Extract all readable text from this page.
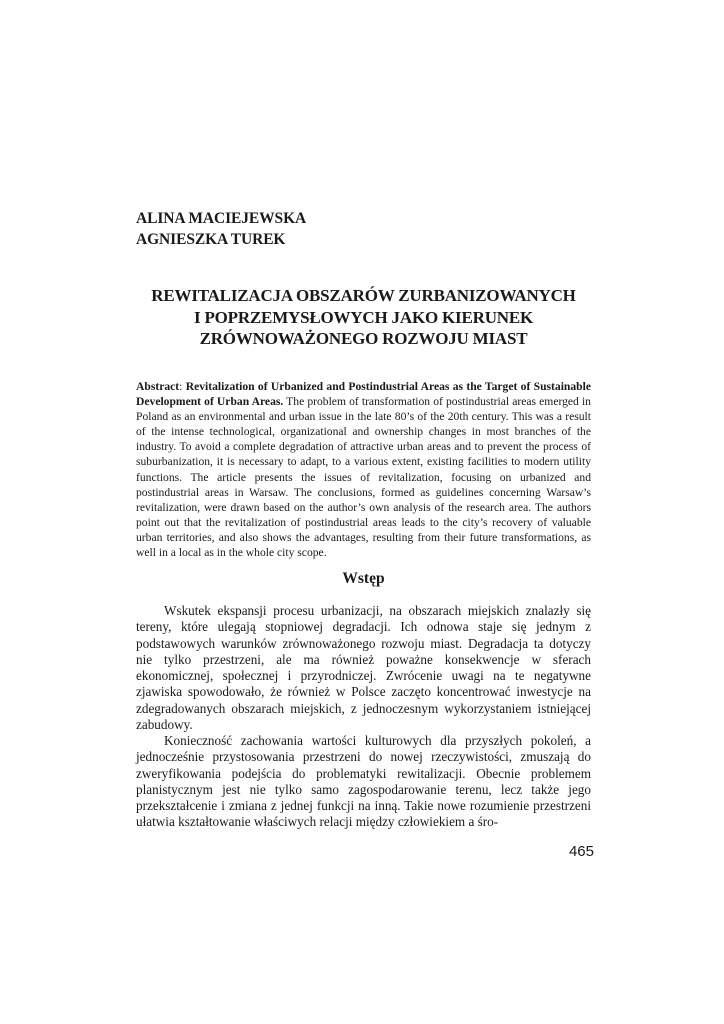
ALINA MACIEJEWSKA
AGNIESZKA TUREK
REWITALIZACJA OBSZARÓW ZURBANIZOWANYCH
I POPRZEMYSŁOWYCH JAKO KIERUNEK
ZRÓWNOWAŻONEGO ROZWOJU MIAST
Abstract: Revitalization of Urbanized and Postindustrial Areas as the Target of Sustainable Development of Urban Areas. The problem of transformation of postindustrial areas emerged in Poland as an environmental and urban issue in the late 80’s of the 20th century. This was a result of the intense technological, organizational and ownership changes in most branches of the industry. To avoid a complete degradation of attractive urban areas and to prevent the process of suburbanization, it is necessary to adapt, to a various extent, existing facilities to modern utility functions. The article presents the issues of revitalization, focusing on urbanized and postindustrial areas in Warsaw. The conclusions, formed as guidelines concerning Warsaw’s revitalization, were drawn based on the author’s own analysis of the research area. The authors point out that the revitalization of postindustrial areas leads to the city’s recovery of valuable urban territories, and also shows the advantages, resulting from their future transformations, as well in a local as in the whole city scope.
Wstęp

Wskutek ekspansji procesu urbanizacji, na obszarach miejskich znalazły się tereny, które ulegają stopniowej degradacji. Ich odnowa staje się jednym z podstawowych warunków zrównoważonego rozwoju miast. Degradacja ta dotyczy nie tylko przestrzeni, ale ma również poważne konsekwencje w sferach ekonomicznej, społecznej i przyrodniczej. Zwrócenie uwagi na te negatywne zjawiska spowodowało, że również w Polsce zaczęto koncentrować inwestycje na zdegradowanych obszarach miejskich, z jednoczesnym wykorzystaniem istniejącej zabudowy.

Konieczność zachowania wartości kulturowych dla przyszłych pokoleń, a jednocześnie przystosowania przestrzeni do nowej rzeczywistości, zmuszają do zweryfikowania podejścia do problematyki rewitalizacji. Obecnie problemem planistycznym jest nie tylko samo zagospodarowanie terenu, lecz także jego przekształcenie i zmiana z jednej funkcji na inną. Takie nowe rozumienie przestrzeni ułatwia kształtowanie właściwych relacji między człowiekiem a śro-

465
